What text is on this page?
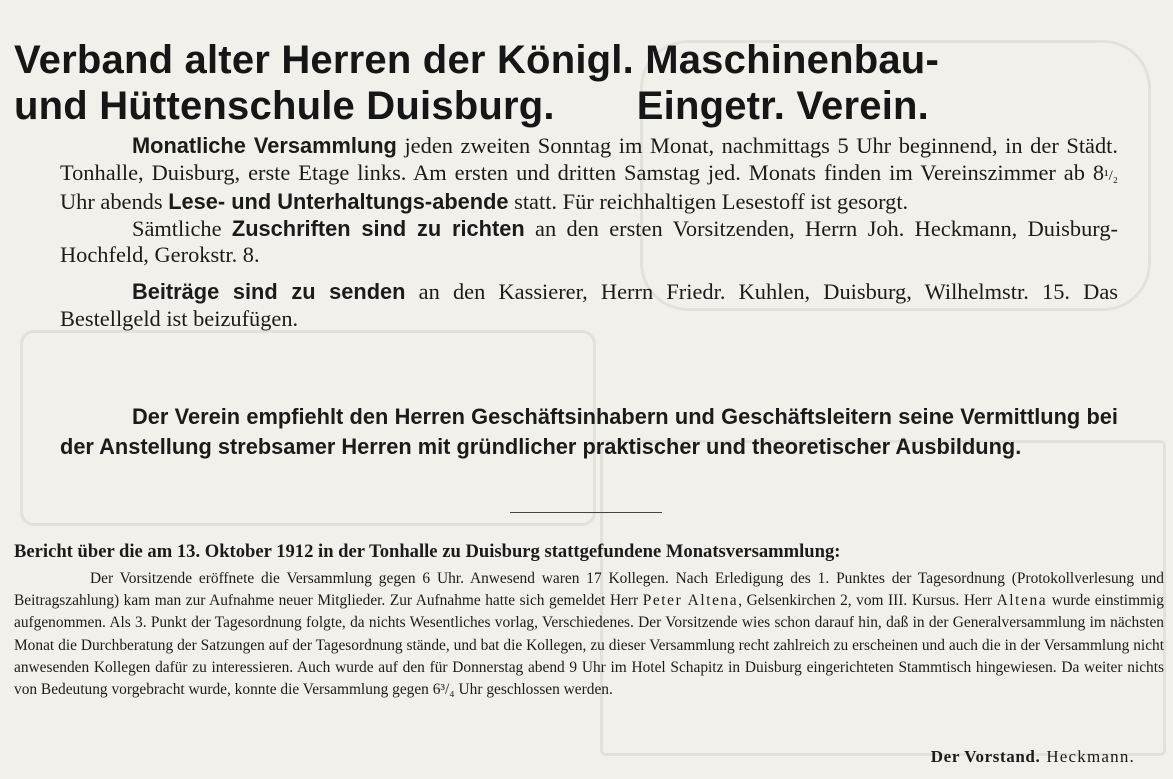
Verband alter Herren der Königl. Maschinenbau-
und Hüttenschule Duisburg. Eingetr. Verein.

Monatliche Versammlung jeden zweiten Sonntag im Monat, nachmittags 5 Uhr beginnend, in der Städt. Tonhalle, Duisburg, erste Etage links. Am ersten und dritten Samstag jed. Monats finden im Vereinszimmer ab 8¹/₂ Uhr abends Lese- und Unterhaltungs-abende statt. Für reichhaltigen Lesestoff ist gesorgt.

Sämtliche Zuschriften sind zu richten an den ersten Vorsitzenden, Herrn Joh. Heckmann, Duisburg-Hochfeld, Gerokstr. 8.

Beiträge sind zu senden an den Kassierer, Herrn Friedr. Kuhlen, Duisburg, Wilhelmstr. 15. Das Bestellgeld ist beizufügen.

Der Verein empfiehlt den Herren Geschäftsinhabern und Geschäftsleitern seine Vermittlung bei der Anstellung strebsamer Herren mit gründlicher praktischer und theoretischer Ausbildung.

Bericht über die am 13. Oktober 1912 in der Tonhalle zu Duisburg stattgefundene Monatsversammlung:

Der Vorsitzende eröffnete die Versammlung gegen 6 Uhr. Anwesend waren 17 Kollegen. Nach Erledigung des 1. Punktes der Tagesordnung (Protokollverlesung und Beitragszahlung) kam man zur Aufnahme neuer Mitglieder. Zur Aufnahme hatte sich gemeldet Herr Peter Altena, Gelsenkirchen 2, vom III. Kursus. Herr Altena wurde einstimmig aufgenommen. Als 3. Punkt der Tagesordnung folgte, da nichts Wesentliches vorlag, Verschiedenes. Der Vorsitzende wies schon darauf hin, daß in der Generalversammlung im nächsten Monat die Durchberatung der Satzungen auf der Tagesordnung stände, und bat die Kollegen, zu dieser Versammlung recht zahlreich zu erscheinen und auch die in der Versammlung nicht anwesenden Kollegen dafür zu interessieren. Auch wurde auf den für Donnerstag abend 9 Uhr im Hotel Schapitz in Duisburg eingerichteten Stammtisch hingewiesen. Da weiter nichts von Bedeutung vorgebracht wurde, konnte die Versammlung gegen 6³/₄ Uhr geschlossen werden.

Der Vorstand. Heckmann.
